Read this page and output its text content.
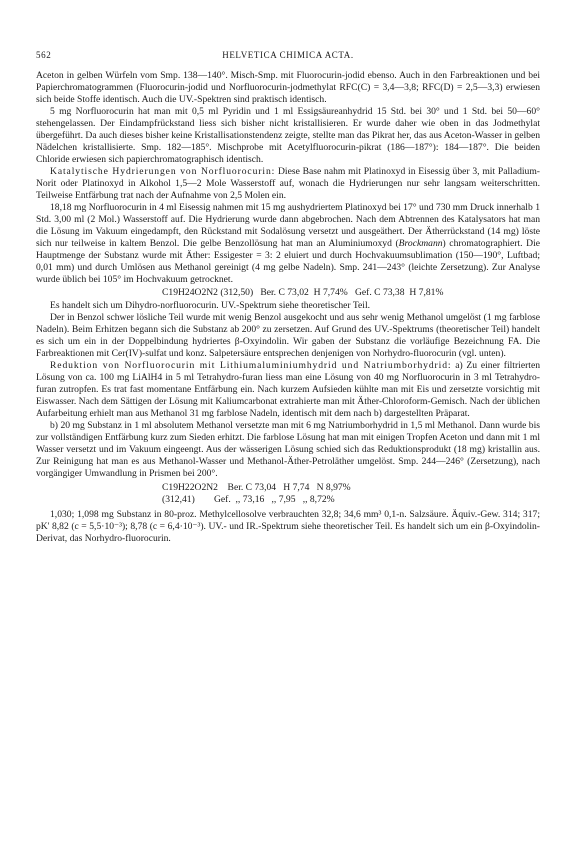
562	HELVETICA CHIMICA ACTA.

Aceton in gelben Würfeln vom Smp. 138—140°. Misch-Smp. mit Fluorocurin-jodid ebenso. Auch in den Farbreaktionen und bei Papierchromatogrammen (Fluorocurin-jodid und Norfluorocurin-jodmethylat RFC(C) = 3,4—3,8; RFC(D) = 2,5—3,3) erwiesen sich beide Stoffe identisch. Auch die UV.-Spektren sind praktisch identisch.

5 mg Norfluorocurin hat man mit 0,5 ml Pyridin und 1 ml Essigsäureanhydrid 15 Std. bei 30° und 1 Std. bei 50—60° stehengelassen. Der Eindampfrückstand liess sich bisher nicht kristallisieren. Er wurde daher wie oben in das Jodmethylat übergeführt. Da auch dieses bisher keine Kristallisationstendenz zeigte, stellte man das Pikrat her, das aus Aceton-Wasser in gelben Nädelchen kristallisierte. Smp. 182—185°. Mischprobe mit Acetylfluorocurin-pikrat (186—187°): 184—187°. Die beiden Chloride erwiesen sich papierchromatographisch identisch.

Katalytische Hydrierungen von Norfluorocurin: Diese Base nahm mit Platinoxyd in Eisessig über 3, mit Palladium-Norit oder Platinoxyd in Alkohol 1,5—2 Mole Wasserstoff auf, wonach die Hydrierungen nur sehr langsam weiterschritten. Teilweise Entfärbung trat nach der Aufnahme von 2,5 Molen ein.

18,18 mg Norfluorocurin in 4 ml Eisessig nahmen mit 15 mg aushydriertem Platinoxyd bei 17° und 730 mm Druck innerhalb 1 Std. 3,00 ml (2 Mol.) Wasserstoff auf. Die Hydrierung wurde dann abgebrochen. Nach dem Abtrennen des Katalysators hat man die Lösung im Vakuum eingedampft, den Rückstand mit Sodalösung versetzt und ausgeäthert. Der Ätherrückstand (14 mg) löste sich nur teilweise in kaltem Benzol. Die gelbe Benzollösung hat man an Aluminiumoxyd (Brockmann) chromatographiert. Die Hauptmenge der Substanz wurde mit Äther: Essigester = 3: 2 eluiert und durch Hochvakuumsublimation (150—190°, Luftbad; 0,01 mm) und durch Umlösen aus Methanol gereinigt (4 mg gelbe Nadeln). Smp. 241—243° (leichte Zersetzung). Zur Analyse wurde üblich bei 105° im Hochvakuum getrocknet.

C19H24O2N2 (312,50) Ber. C 73,02  H 7,74% Gef. C 73,38  H 7,81%

Es handelt sich um Dihydro-norfluorocurin. UV.-Spektrum siehe theoretischer Teil.

Der in Benzol schwer lösliche Teil wurde mit wenig Benzol ausgekocht und aus sehr wenig Methanol umgelöst (1 mg farblose Nadeln). Beim Erhitzen begann sich die Substanz ab 200° zu zersetzen. Auf Grund des UV.-Spektrums (theoretischer Teil) handelt es sich um ein in der Doppelbindung hydriertes β-Oxyindolin. Wir gaben der Substanz die vorläufige Bezeichnung FA. Die Farbreaktionen mit Cer(IV)-sulfat und konz. Salpetersäure entsprechen denjenigen von Norhydro-fluorocurin (vgl. unten).

Reduktion von Norfluorocurin mit Lithiumaluminiumhydrid und Natriumborhydrid: a) Zu einer filtrierten Lösung von ca. 100 mg LiAlH4 in 5 ml Tetrahydro-furan liess man eine Lösung von 40 mg Norfluorocurin in 3 ml Tetrahydro-furan zutropfen. Es trat fast momentane Entfärbung ein. Nach kurzem Aufsieden kühlte man mit Eis und zersetzte vorsichtig mit Eiswasser. Nach dem Sättigen der Lösung mit Kaliumcarbonat extrahierte man mit Äther-Chloroform-Gemisch. Nach der üblichen Aufarbeitung erhielt man aus Methanol 31 mg farblose Nadeln, identisch mit dem nach b) dargestellten Präparat.

b) 20 mg Substanz in 1 ml absolutem Methanol versetzte man mit 6 mg Natriumborhydrid in 1,5 ml Methanol. Dann wurde bis zur vollständigen Entfärbung kurz zum Sieden erhitzt. Die farblose Lösung hat man mit einigen Tropfen Aceton und dann mit 1 ml Wasser versetzt und im Vakuum eingeengt. Aus der wässerigen Lösung schied sich das Reduktionsprodukt (18 mg) kristallin aus. Zur Reinigung hat man es aus Methanol-Wasser und Methanol-Äther-Petroläther umgelöst. Smp. 244—246° (Zersetzung), nach vorgängiger Umwandlung in Prismen bei 200°.

C19H22O2N2    Ber. C 73,04   H 7,74   N 8,97%
(312,41)        Gef.  ,, 73,16   ,, 7,95   ,, 8,72%

1,030; 1,098 mg Substanz in 80-proz. Methylcellosolve verbrauchten 32,8; 34,6 mm³ 0,1-n. Salzsäure. Äquiv.-Gew. 314; 317; pK' 8,82 (c = 5,5·10⁻³); 8,78 (c = 6,4·10⁻³). UV.- und IR.-Spektrum siehe theoretischer Teil. Es handelt sich um ein β-Oxyindolin-Derivat, das Norhydro-fluorocurin.
